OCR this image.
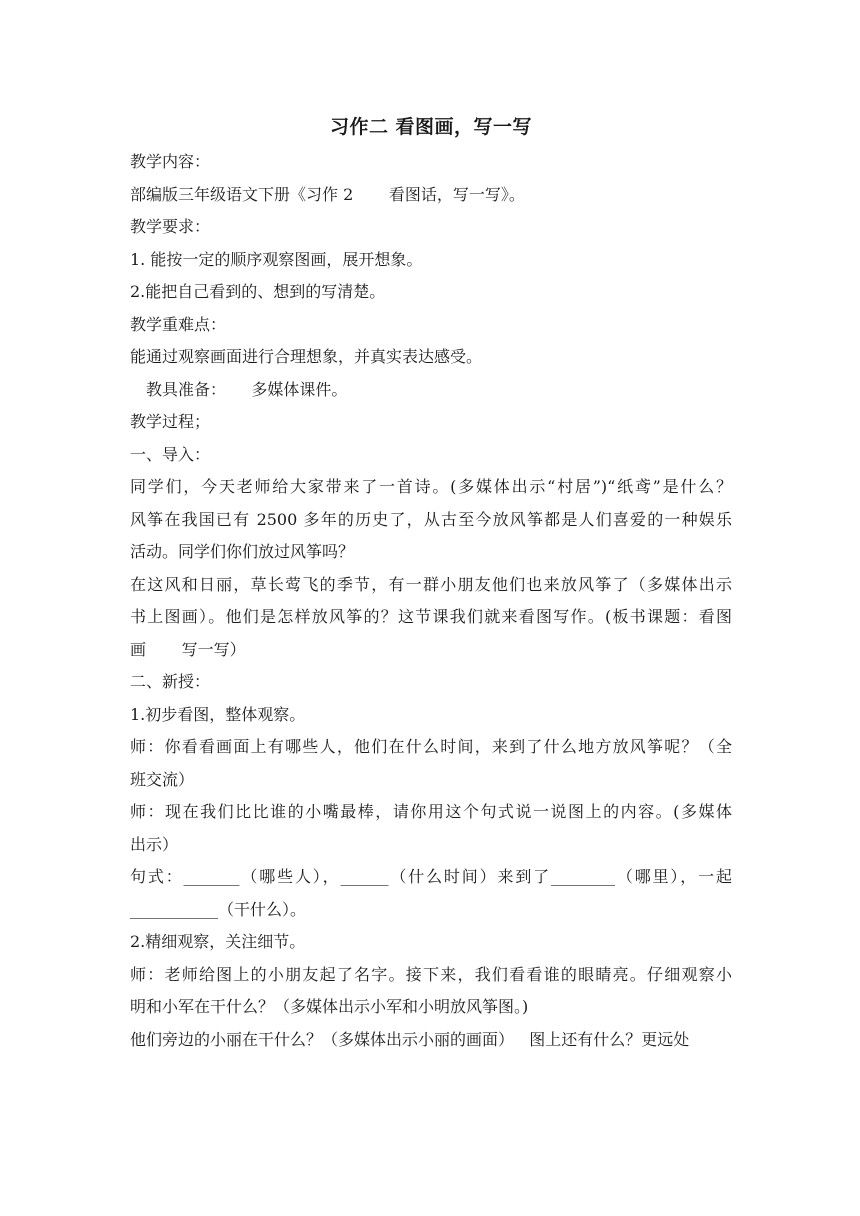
习作二 看图画，写一写
教学内容：
部编版三年级语文下册《习作 2       看图话，写一写》。
教学要求：
1. 能按一定的顺序观察图画，展开想象。
2.能把自己看到的、想到的写清楚。
教学重难点：
能通过观察画面进行合理想象，并真实表达感受。
教具准备：     多媒体课件。
教学过程；
一、导入：
同学们，今天老师给大家带来了一首诗。(多媒体出示“村居”)“纸鸢”是什么？
风筝在我国已有 2500 多年的历史了，从古至今放风筝都是人们喜爱的一种娱乐
活动。同学们你们放过风筝吗？
在这风和日丽，草长莺飞的季节，有一群小朋友他们也来放风筝了（多媒体出示
书上图画）。他们是怎样放风筝的？这节课我们就来看图写作。(板书课题：看图
画       写一写）
二、新授：
1.初步看图，整体观察。
师：你看看画面上有哪些人，他们在什么时间，来到了什么地方放风筝呢？（全
班交流）
师：现在我们比比谁的小嘴最棒，请你用这个句式说一说图上的内容。(多媒体
出示）
句式：_______（哪些人），______（什么时间）来到了________（哪里），一起
___________（干什么）。
2.精细观察，关注细节。
师：老师给图上的小朋友起了名字。接下来，我们看看谁的眼睛亮。仔细观察小
明和小军在干什么？（多媒体出示小军和小明放风筝图。)
他们旁边的小丽在干什么？（多媒体出示小丽的画面）   图上还有什么？更远处
